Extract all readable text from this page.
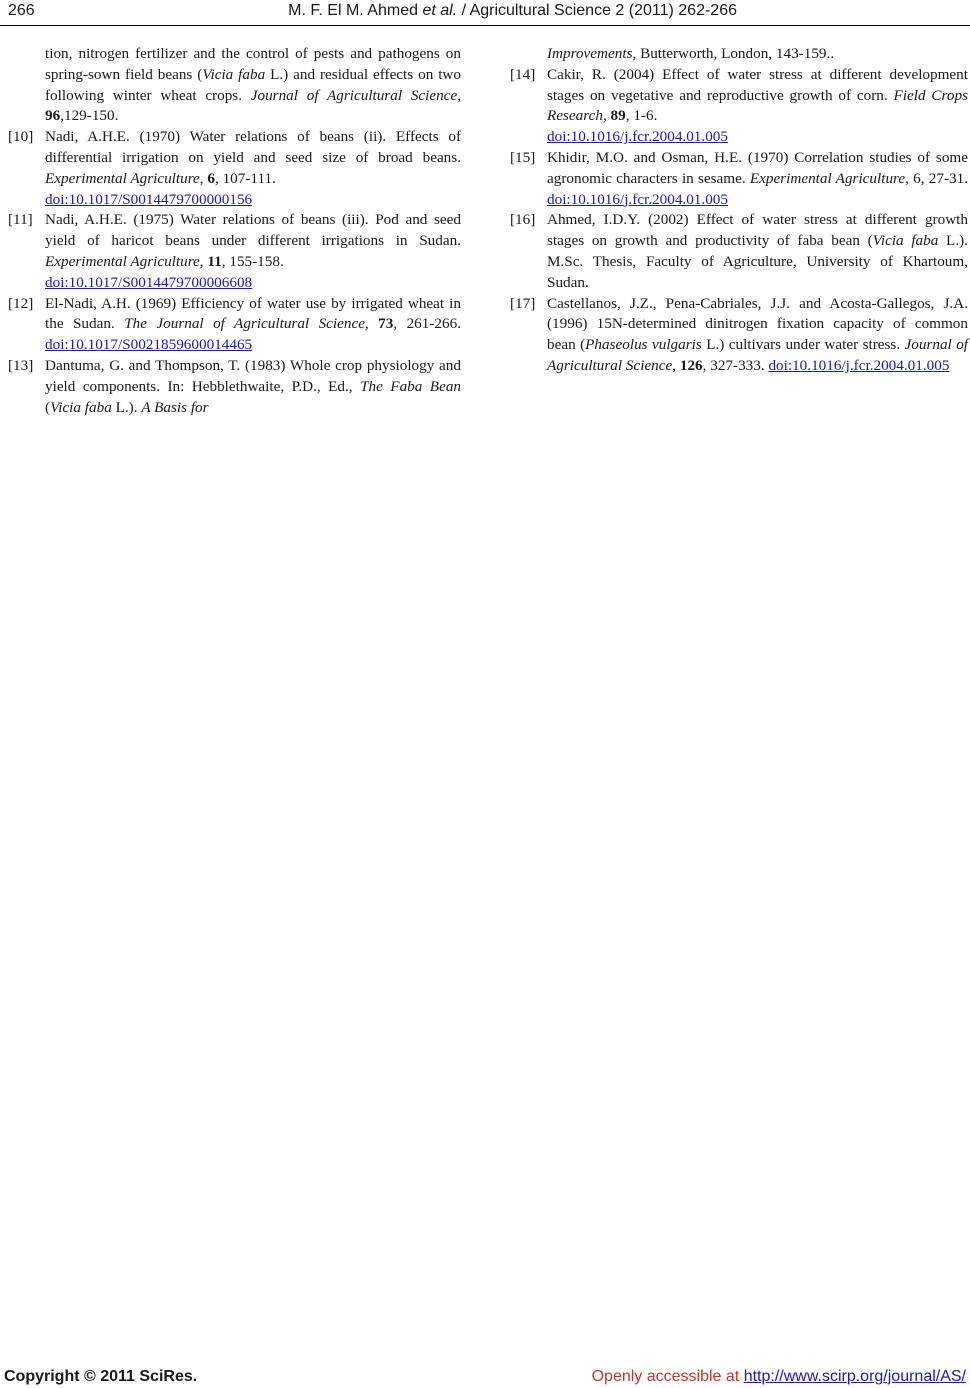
266	M. F. El M. Ahmed et al. / Agricultural Science 2 (2011) 262-266
tion, nitrogen fertilizer and the control of pests and pathogens on spring-sown field beans (Vicia faba L.) and residual effects on two following winter wheat crops. Journal of Agricultural Science, 96,129-150.
[10] Nadi, A.H.E. (1970) Water relations of beans (ii). Effects of differential irrigation on yield and seed size of broad beans. Experimental Agriculture, 6, 107-111.
doi:10.1017/S0014479700000156
[11] Nadi, A.H.E. (1975) Water relations of beans (iii). Pod and seed yield of haricot beans under different irrigations in Sudan. Experimental Agriculture, 11, 155-158.
doi:10.1017/S0014479700006608
[12] El-Nadi, A.H. (1969) Efficiency of water use by irrigated wheat in the Sudan. The Journal of Agricultural Science, 73, 261-266. doi:10.1017/S0021859600014465
[13] Dantuma, G. and Thompson, T. (1983) Whole crop physiology and yield components. In: Hebblethwaite, P.D., Ed., The Faba Bean (Vicia faba L.). A Basis for
Improvements, Butterworth, London, 143-159..
[14] Cakir, R. (2004) Effect of water stress at different development stages on vegetative and reproductive growth of corn. Field Crops Research, 89, 1-6.
doi:10.1016/j.fcr.2004.01.005
[15] Khidir, M.O. and Osman, H.E. (1970) Correlation studies of some agronomic characters in sesame. Experimental Agriculture, 6, 27-31. doi:10.1016/j.fcr.2004.01.005
[16] Ahmed, I.D.Y. (2002) Effect of water stress at different growth stages on growth and productivity of faba bean (Vicia faba L.). M.Sc. Thesis, Faculty of Agriculture, University of Khartoum, Sudan.
[17] Castellanos, J.Z., Pena-Cabriales, J.J. and Acosta-Gallegos, J.A. (1996) 15N-determined dinitrogen fixation capacity of common bean (Phaseolus vulgaris L.) cultivars under water stress. Journal of Agricultural Science, 126, 327-333. doi:10.1016/j.fcr.2004.01.005
Copyright © 2011 SciRes.	Openly accessible at http://www.scirp.org/journal/AS/
